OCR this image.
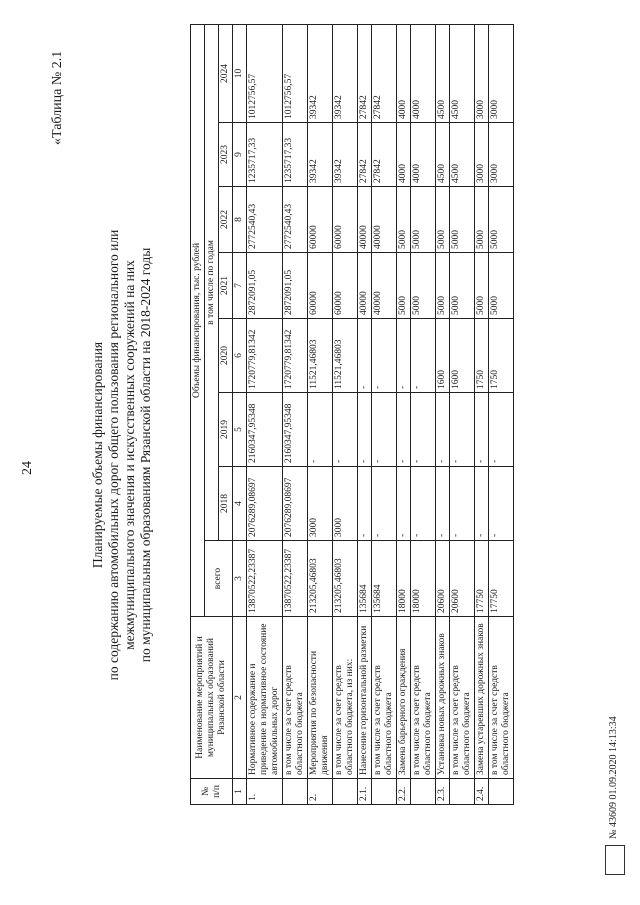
24
«Таблица № 2.1
Планируемые объемы финансирования по содержанию автомобильных дорог общего пользования регионального или межмуниципального значения и искусственных сооружений на них по муниципальным образованиям Рязанской области на 2018-2024 годы
№ п/п	Наименование мероприятий и муниципальных образований Рязанской области	Объемы финансирования, тыс. рублей							
		всего	в том числе по годам						
			2018	2019	2020	2021	2022	2023	2024
1	2	3	4	5	6	7	8	9	10
1.	Нормативное содержание и приведение в нормативное состояние автомобильных дорог	13870522,23387	2076289,08697	2160347,95348	1720779,81342	2872091,05	2772540,43	1235717,33	1012756,57
	в том числе за счет средств областного бюджета	13870522,23387	2076289,08697	2160347,95348	1720779,81342	2872091,05	2772540,43	1235717,33	1012756,57
2.	Мероприятия по безопасности движения	213205,46803	3000	-	11521,46803	60000	60000	39342	39342
	в том числе за счет средств областного бюджета, из них:	213205,46803	3000	-	11521,46803	60000	60000	39342	39342
2.1.	Нанесение горизонтальной разметки	135684	-	-	-	40000	40000	27842	27842
	в том числе за счет средств областного бюджета	135684	-	-	-	40000	40000	27842	27842
2.2.	Замена барьерного ограждения	18000	-	-	-	5000	5000	4000	4000
	в том числе за счет средств областного бюджета	18000	-	-	-	5000	5000	4000	4000
2.3.	Установка новых дорожных знаков	20600	-	-	1600	5000	5000	4500	4500
	в том числе за счет средств областного бюджета	20600	-	-	1600	5000	5000	4500	4500
2.4.	Замена устаревших дорожных знаков	17750	-	-	1750	5000	5000	3000	3000
	в том числе за счет средств областного бюджета	17750	-	-	1750	5000	5000	3000	3000
№ 43609 01.09.2020 14:13:34
